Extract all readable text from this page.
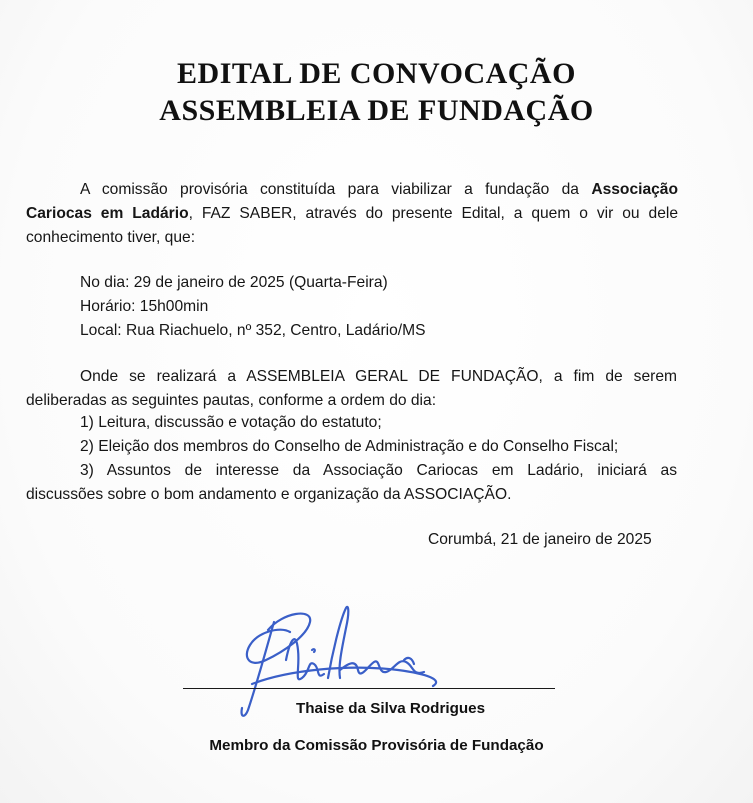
EDITAL DE CONVOCAÇÃO
ASSEMBLEIA DE FUNDAÇÃO
A comissão provisória constituída para viabilizar a fundação da Associação
Cariocas em Ladário, FAZ SABER, através do presente Edital, a quem o vir ou dele
conhecimento tiver, que:
No dia: 29 de janeiro de 2025 (Quarta-Feira)
Horário: 15h00min
Local: Rua Riachuelo, nº 352, Centro, Ladário/MS
Onde se realizará a ASSEMBLEIA GERAL DE FUNDAÇÃO, a fim de serem
deliberadas as seguintes pautas, conforme a ordem do dia:
1) Leitura, discussão e votação do estatuto;
2) Eleição dos membros do Conselho de Administração e do Conselho Fiscal;
3) Assuntos de interesse da Associação Cariocas em Ladário, iniciará as
discussões sobre o bom andamento e organização da ASSOCIAÇÃO.
Corumbá, 21 de janeiro de 2025
Thaise da Silva Rodrigues
Membro da Comissão Provisória de Fundação
